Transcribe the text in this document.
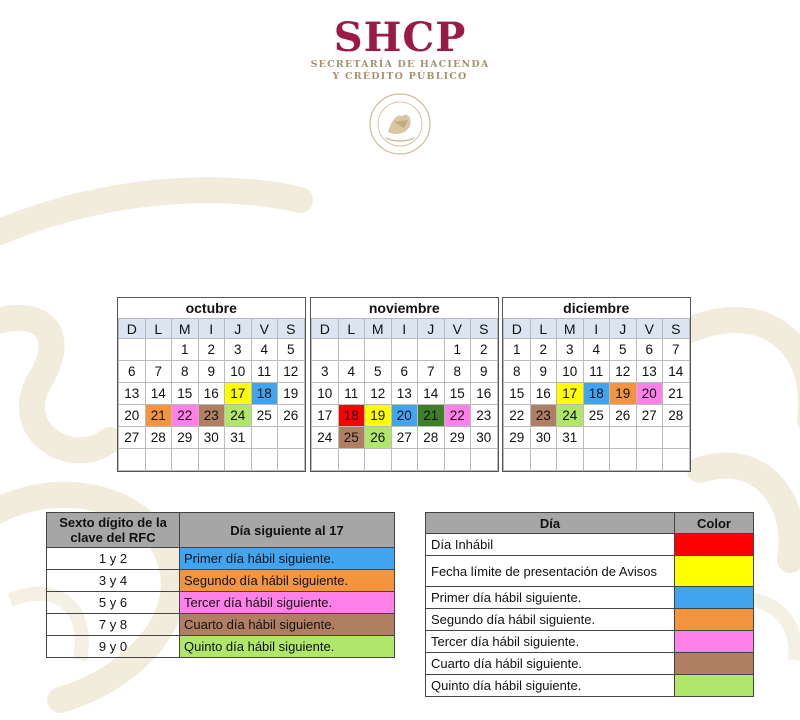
SHCP
SECRETARÍA DE HACIENDA
Y CRÉDITO PÚBLICO
octubre						
D	L	M	I	J	V	S
		1	2	3	4	5
6	7	8	9	10	11	12
13	14	15	16	17	18	19
20	21	22	23	24	25	26
27	28	29	30	31		

noviembre						
D	L	M	I	J	V	S
					1	2
3	4	5	6	7	8	9
10	11	12	13	14	15	16
17	18	19	20	21	22	23
24	25	26	27	28	29	30

diciembre						
D	L	M	I	J	V	S
1	2	3	4	5	6	7
8	9	10	11	12	13	14
15	16	17	18	19	20	21
22	23	24	25	26	27	28
29	30	31				

Sexto dígito de la clave del RFC	Día siguiente al 17
1 y 2	Primer día hábil siguiente.
3 y 4	Segundo día hábil siguiente.
5 y 6	Tercer día hábil siguiente.
7 y 8	Cuarto día hábil siguiente.
9 y 0	Quinto día hábil siguiente.
Día	Color
Día Inhábil	
Fecha límite de presentación de Avisos	
Primer día hábil siguiente.	
Segundo día hábil siguiente.	
Tercer día hábil siguiente.	
Cuarto día hábil siguiente.	
Quinto día hábil siguiente.	
